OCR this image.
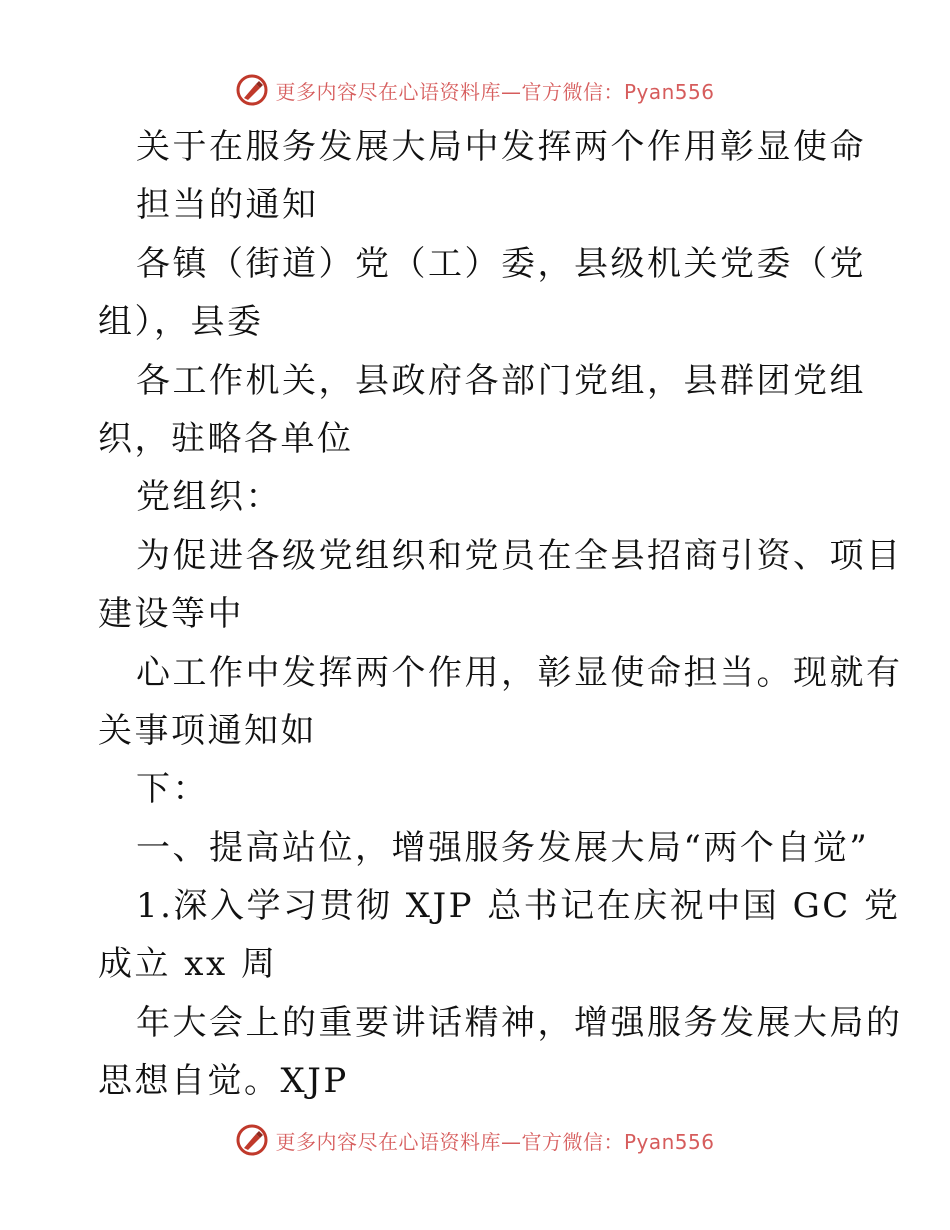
更多内容尽在心语资料库—官方微信：Pyan556
关于在服务发展大局中发挥两个作用彰显使命
担当的通知
各镇（街道）党（工）委，县级机关党委（党
组），县委
各工作机关，县政府各部门党组，县群团党组
织，驻略各单位
党组织：
为促进各级党组织和党员在全县招商引资、项目
建设等中
心工作中发挥两个作用，彰显使命担当。现就有
关事项通知如
下：
一、提高站位，增强服务发展大局“两个自觉”
1.深入学习贯彻 XJP 总书记在庆祝中国 GC 党
成立 xx 周
年大会上的重要讲话精神，增强服务发展大局的
思想自觉。XJP
更多内容尽在心语资料库—官方微信：Pyan556
